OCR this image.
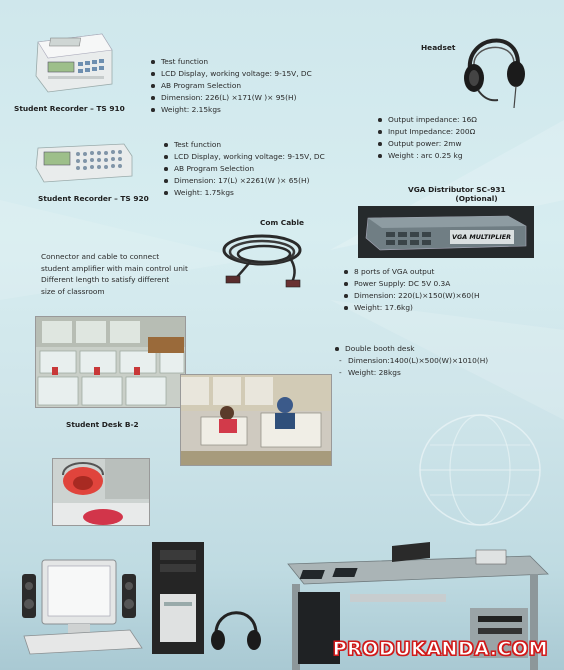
Student Recorder – TS 910
Test function
LCD Display, working voltage: 9-15V, DC
AB Program Selection
Dimension: 226(L) ×171(W )× 95(H)
Weight: 2.15kgs
Student Recorder – TS 920
Test function
LCD Display, working voltage: 9-15V, DC
AB Program Selection
Dimension: 17(L) ×2261(W )× 65(H)
Weight: 1.75kgs
Headset
Output impedance: 16Ω
Input Impedance: 200Ω
Output power: 2mw
Weight : arc 0.25 kg
Com Cable
Connector and cable to connect
student amplifier with main control unit
Different length to satisfy different
size of classroom
VGA Distributor SC-931
(Optional)
VGA MULTIPLIER
8 ports of VGA output
Power Supply: DC 5V 0.3A
Dimension: 220(L)×150(W)×60(H
Weight: 17.6kg)
Student Desk B-2
Double booth desk
- Dimension:1400(L)×500(W)×1010(H)
- Weight: 28kgs
PRODUKANDA.COM
